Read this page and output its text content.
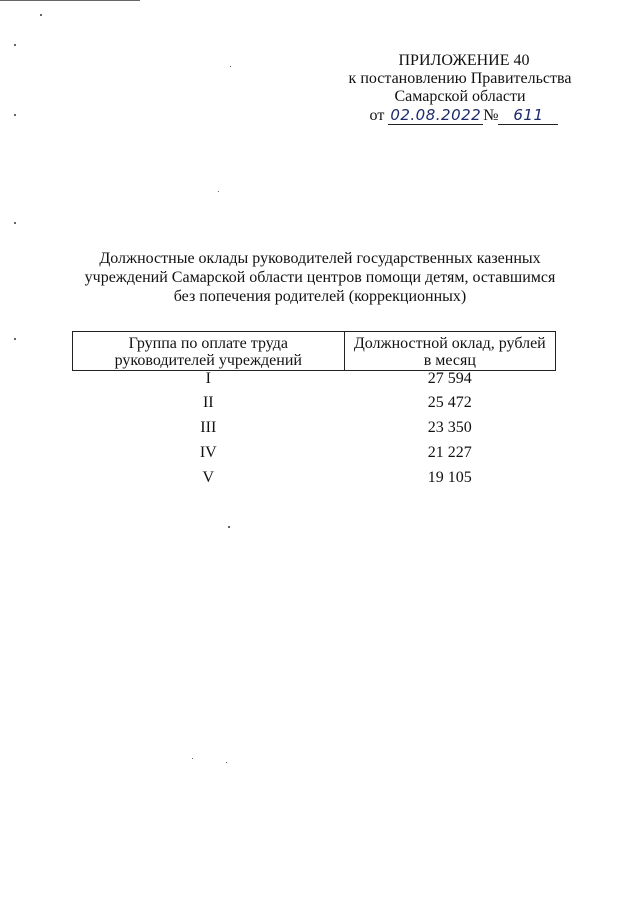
ПРИЛОЖЕНИЕ 40
к постановлению Правительства
Самарской области
от 02.08.2022 № 611
Должностные оклады руководителей государственных казенных
учреждений Самарской области центров помощи детям, оставшимся
без попечения родителей (коррекционных)
Группа по оплате труда руководителей учреждений	Должностной оклад, рублей в месяц
I	27 594
II	25 472
III	23 350
IV	21 227
V	19 105
